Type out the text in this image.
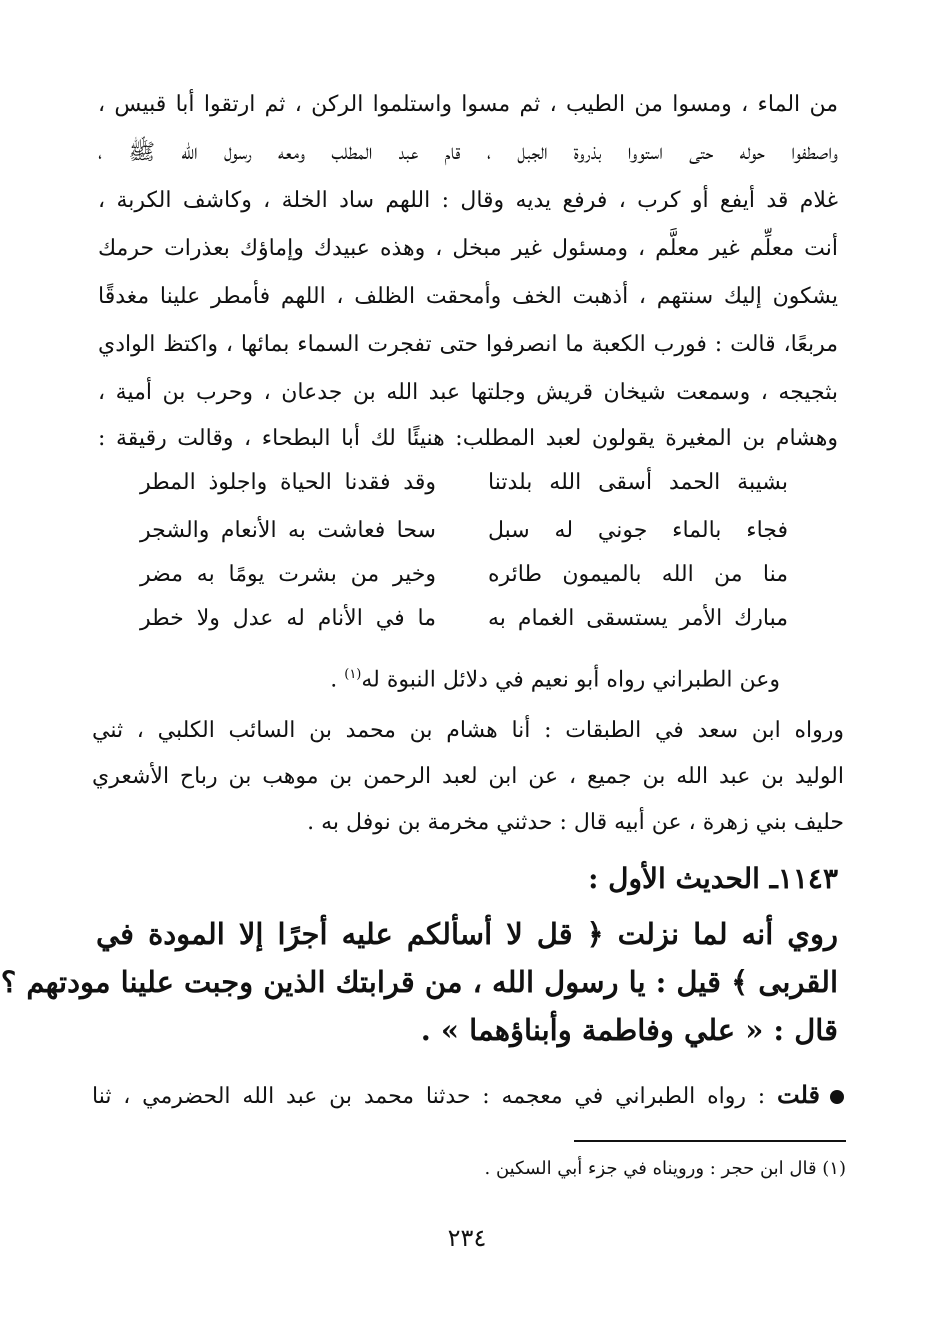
من الماء ، ومسوا من الطيب ، ثم مسوا واستلموا الركن ، ثم ارتقوا أبا قبيس ،
واصطفوا حوله حتى استووا بذروة الجبل ، قام عبد المطلب ومعه رسول الله ﷺ ،
غلام قد أيفع أو كرب ، فرفع يديه وقال : اللهم ساد الخلة ، وكاشف الكربة ،
أنت معلِّم غير معلَّم ، ومسئول غير مبخل ، وهذه عبيدك وإماؤك بعذرات حرمك
يشكون إليك سنتهم ، أذهبت الخف وأمحقت الظلف ، اللهم فأمطر علينا مغدقًا
مربعًا، قالت : فورب الكعبة ما انصرفوا حتى تفجرت السماء بمائها ، واكتظ الوادي
بثجيجه ، وسمعت شيخان قريش وجلتها عبد الله بن جدعان ، وحرب بن أمية ،
وهشام بن المغيرة يقولون لعبد المطلب: هنيئًا لك أبا البطحاء ، وقالت رقيقة :
بشيبة الحمد أسقى الله بلدتنا
وقد فقدنا الحياة واجلوذ المطر
فجاء بالماء جوني له سبل
سحا فعاشت به الأنعام والشجر
منا من الله بالميمون طائره
وخير من بشرت يومًا به مضر
مبارك الأمر يستسقى الغمام به
ما في الأنام له عدل ولا خطر
وعن الطبراني رواه أبو نعيم في دلائل النبوة له$^{(١)}$ .
ورواه ابن سعد في الطبقات : أنا هشام بن محمد بن السائب الكلبي ، ثني
الوليد بن عبد الله بن جميع ، عن ابن لعبد الرحمن بن موهب بن رباح الأشعري
حليف بني زهرة ، عن أبيه قال : حدثني مخرمة بن نوفل به .
١١٤٣ـ الحديث الأول :
روي أنه لما نزلت ﴿ قل لا أسألكم عليه أجرًا إلا المودة في
القربى ﴾ قيل : يا رسول الله ، من قرابتك الذين وجبت علينا مودتهم ؟
قال : « علي وفاطمة وأبناؤهما » .
قلت : رواه الطبراني في معجمه : حدثنا محمد بن عبد الله الحضرمي ، ثنا
(١) قال ابن حجر : ورويناه في جزء أبي السكين .
٢٣٤
